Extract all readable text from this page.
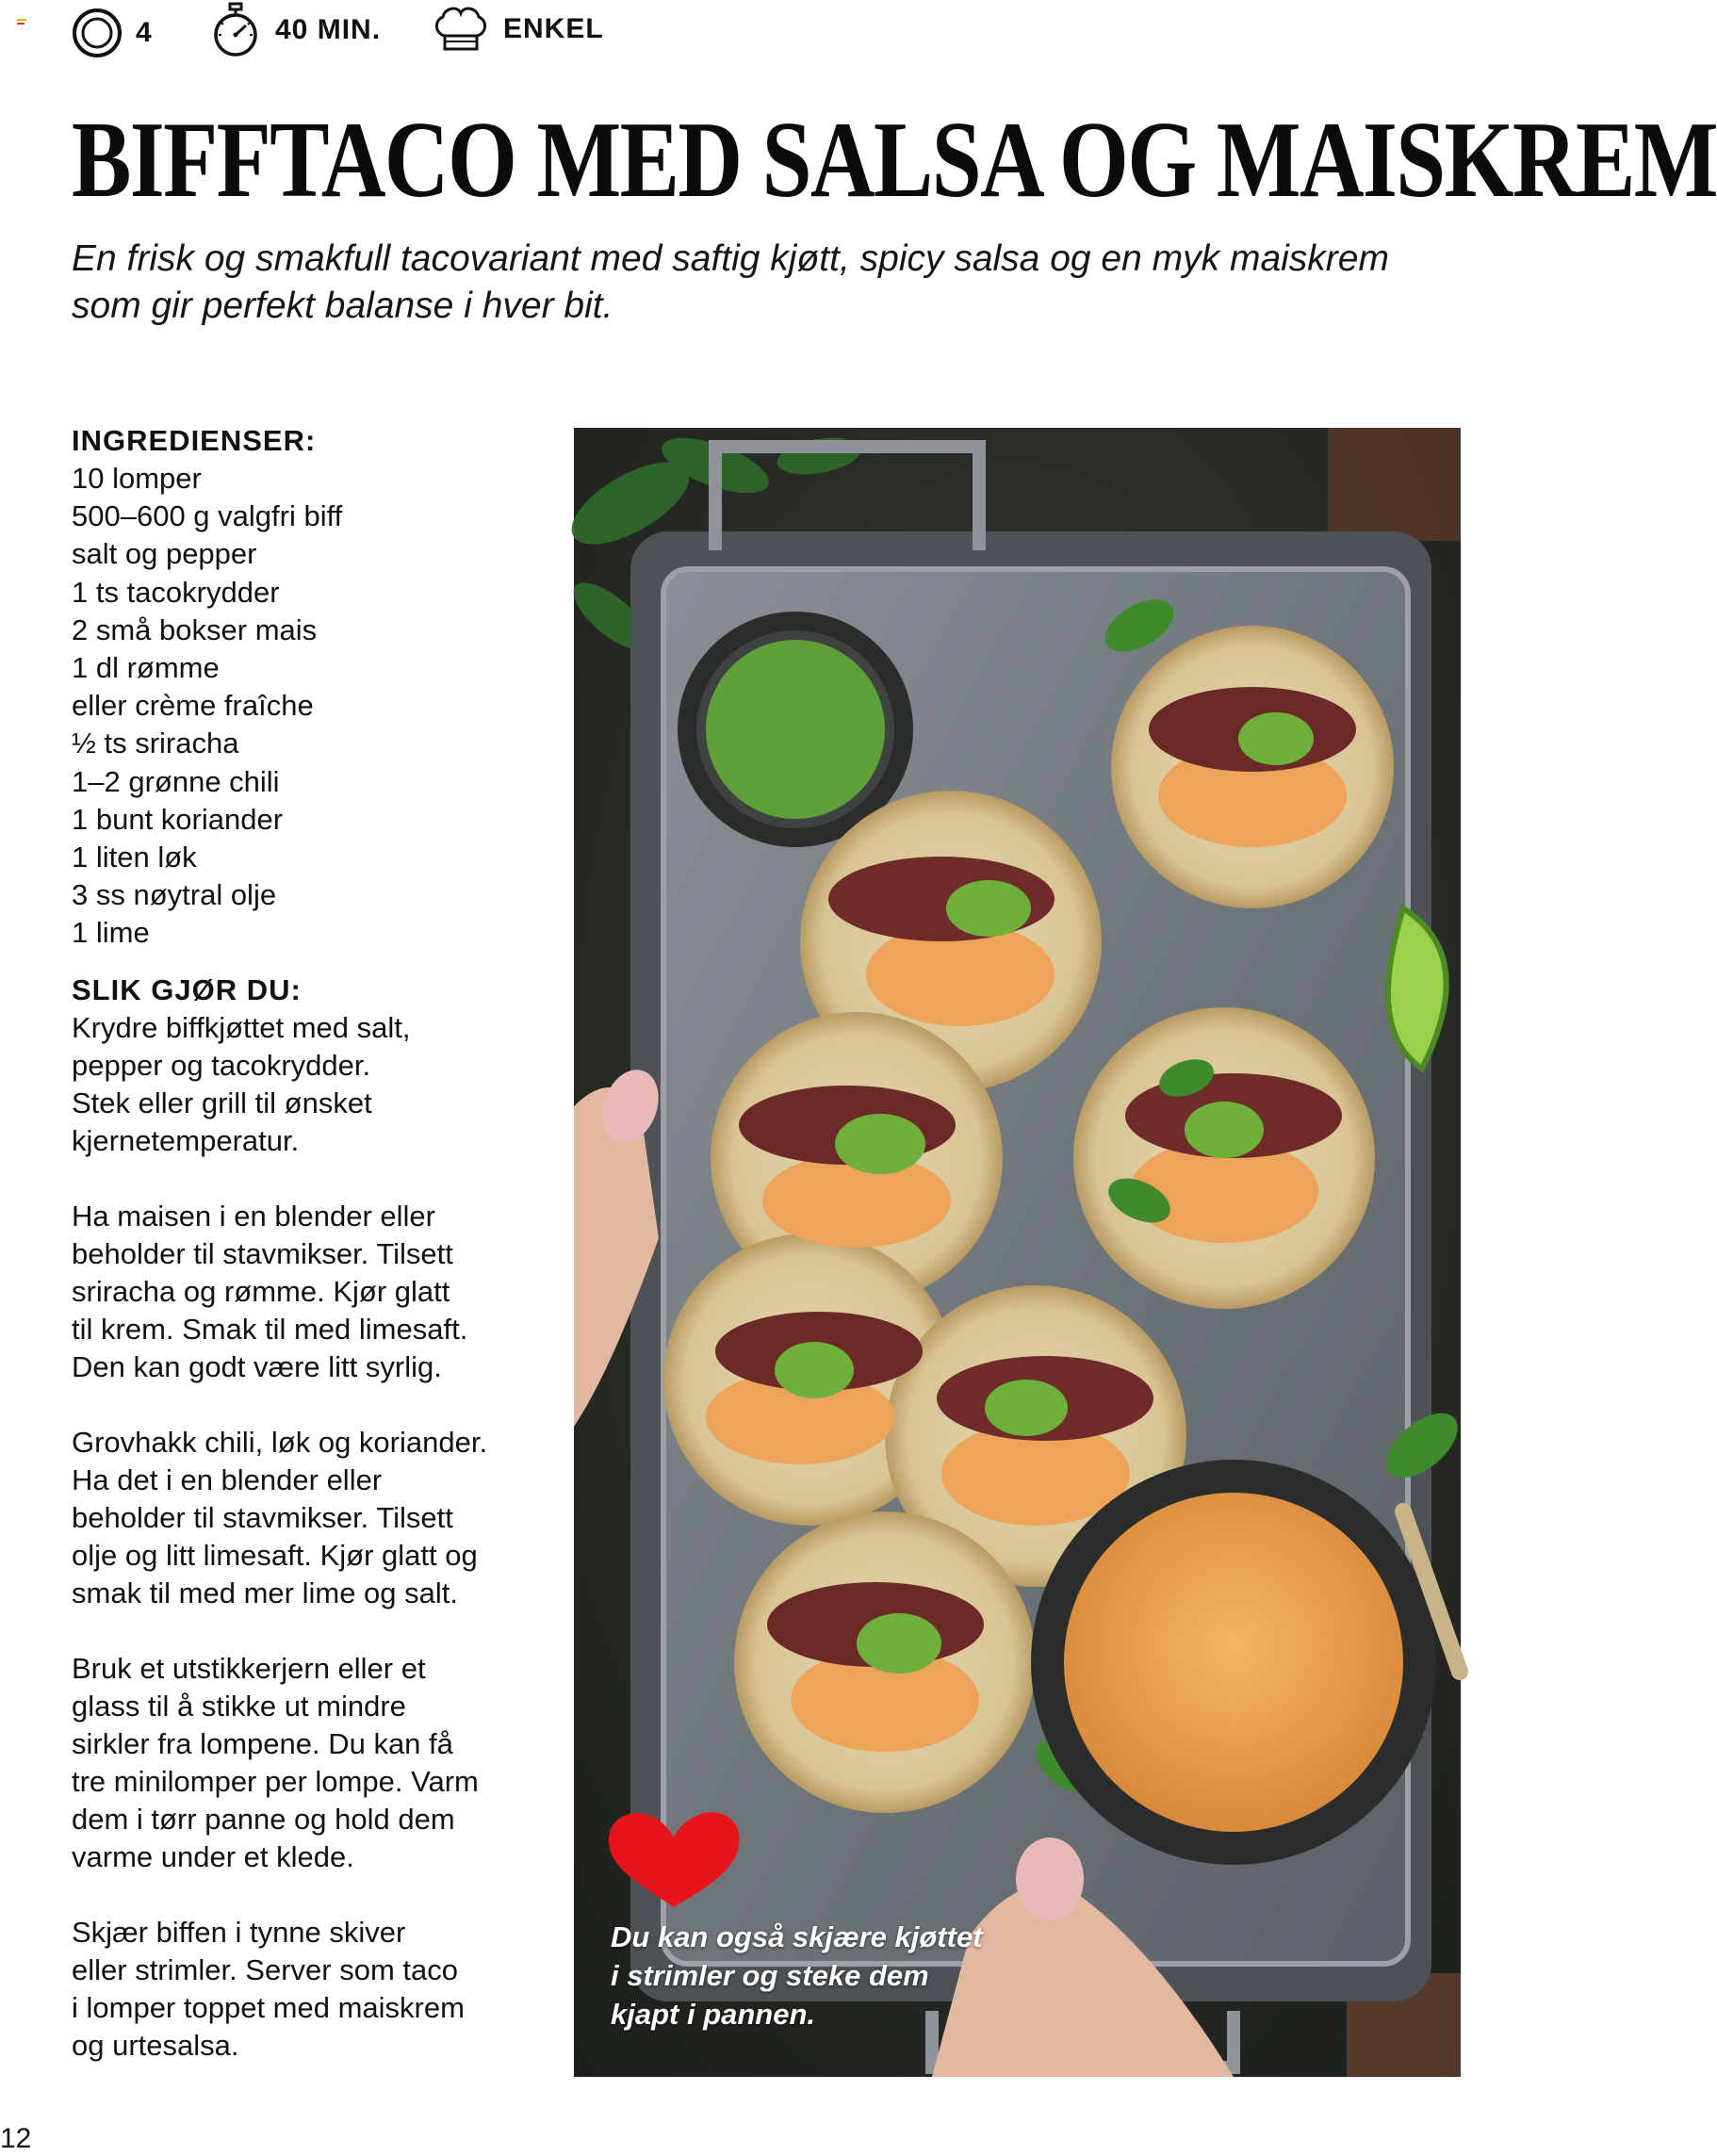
4	40 MIN.	ENKEL
BIFFTACO MED SALSA OG MAISKREM

En frisk og smakfull tacovariant med saftig kjøtt, spicy salsa og en myk maiskrem som gir perfekt balanse i hver bit.

INGREDIENSER:
10 lomper
500–600 g valgfri biff
salt og pepper
1 ts tacokrydder
2 små bokser mais
1 dl rømme
eller crème fraîche
½ ts sriracha
1–2 grønne chili
1 bunt koriander
1 liten løk
3 ss nøytral olje
1 lime
SLIK GJØR DU:

Krydre biffkjøttet med salt,
pepper og tacokrydder.
Stek eller grill til ønsket
kjernetemperatur.

Ha maisen i en blender eller
beholder til stavmikser. Tilsett
sriracha og rømme. Kjør glatt
til krem. Smak til med limesaft.
Den kan godt være litt syrlig.

Grovhakk chili, løk og koriander.
Ha det i en blender eller
beholder til stavmikser. Tilsett
olje og litt limesaft. Kjør glatt og
smak til med mer lime og salt.

Bruk et utstikkerjern eller et
glass til å stikke ut mindre
sirkler fra lompene. Du kan få
tre minilomper per lompe. Varm
dem i tørr panne og hold dem
varme under et klede.

Skjær biffen i tynne skiver
eller strimler. Server som taco
i lomper toppet med maiskrem
og urtesalsa.

12

Du kan også skjære kjøttet
i strimler og steke dem
kjapt i pannen.
